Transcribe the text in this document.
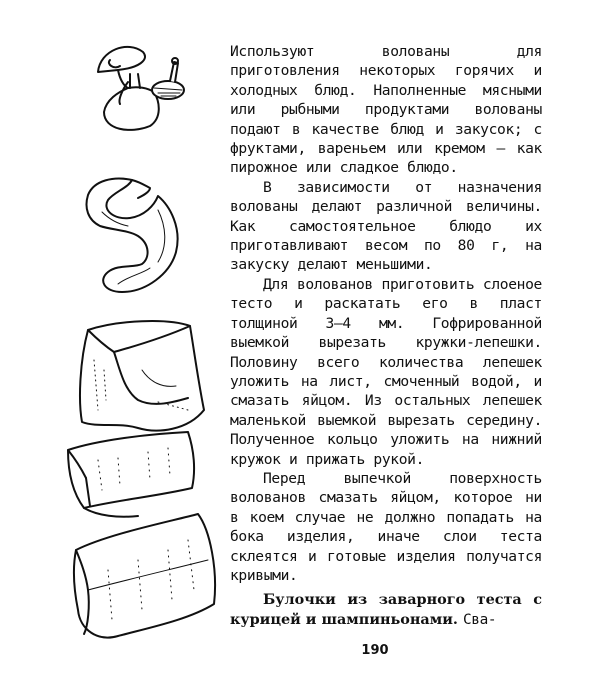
Используют волованы для приготовления некоторых горячих и холодных блюд. Наполненные мясными или рыбными продуктами волованы подают в качестве блюд и закусок; с фруктами, вареньем или кремом — как пирожное или сладкое блюдо.

В зависимости от назначения волованы делают различной величины. Как самостоятельное блюдо их приготавливают весом по 80 г, на закуску делают меньшими.

Для волованов приготовить слоеное тесто и раскатать его в пласт толщиной 3—4 мм. Гофрированной выемкой вырезать кружки-лепешки. Половину всего количества лепешек уложить на лист, смоченный водой, и смазать яйцом. Из остальных лепешек маленькой выемкой вырезать середину. Полученное кольцо уложить на нижний кружок и прижать рукой.

Перед выпечкой поверхность волованов смазать яйцом, которое ни в коем случае не должно попадать на бока изделия, иначе слои теста склеятся и готовые изделия получатся кривыми.

Булочки из заварного теста с курицей и шампиньонами. Сва-

190
